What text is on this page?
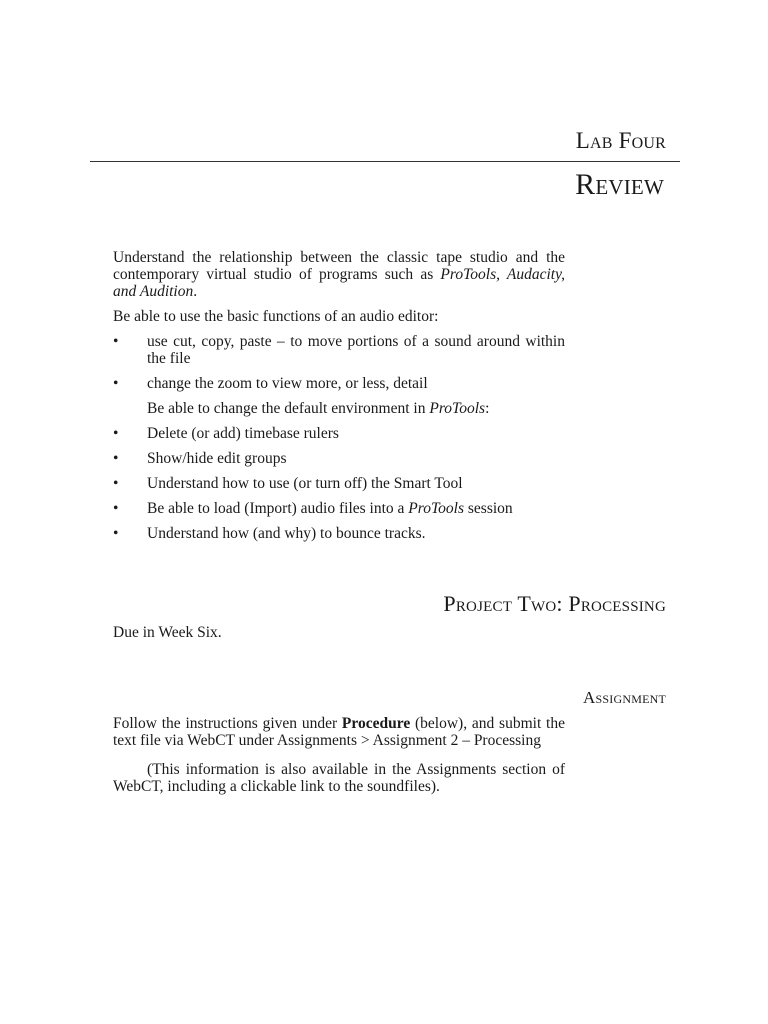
Lab Four
Review

Understand the relationship between the classic tape studio and the contemporary virtual studio of programs such as ProTools, Audacity, and Audition.

Be able to use the basic functions of an audio editor:

• use cut, copy, paste – to move portions of a sound around within the file
• change the zoom to view more, or less, detail

Be able to change the default environment in ProTools:

• Delete (or add) timebase rulers
• Show/hide edit groups
• Understand how to use (or turn off) the Smart Tool
• Be able to load (Import) audio files into a ProTools session
• Understand how (and why) to bounce tracks.
Project Two: Processing

Due in Week Six.

Assignment

Follow the instructions given under Procedure (below), and submit the text file via WebCT under Assignments > Assignment 2 – Processing

(This information is also available in the Assignments section of WebCT, including a clickable link to the soundfiles).
